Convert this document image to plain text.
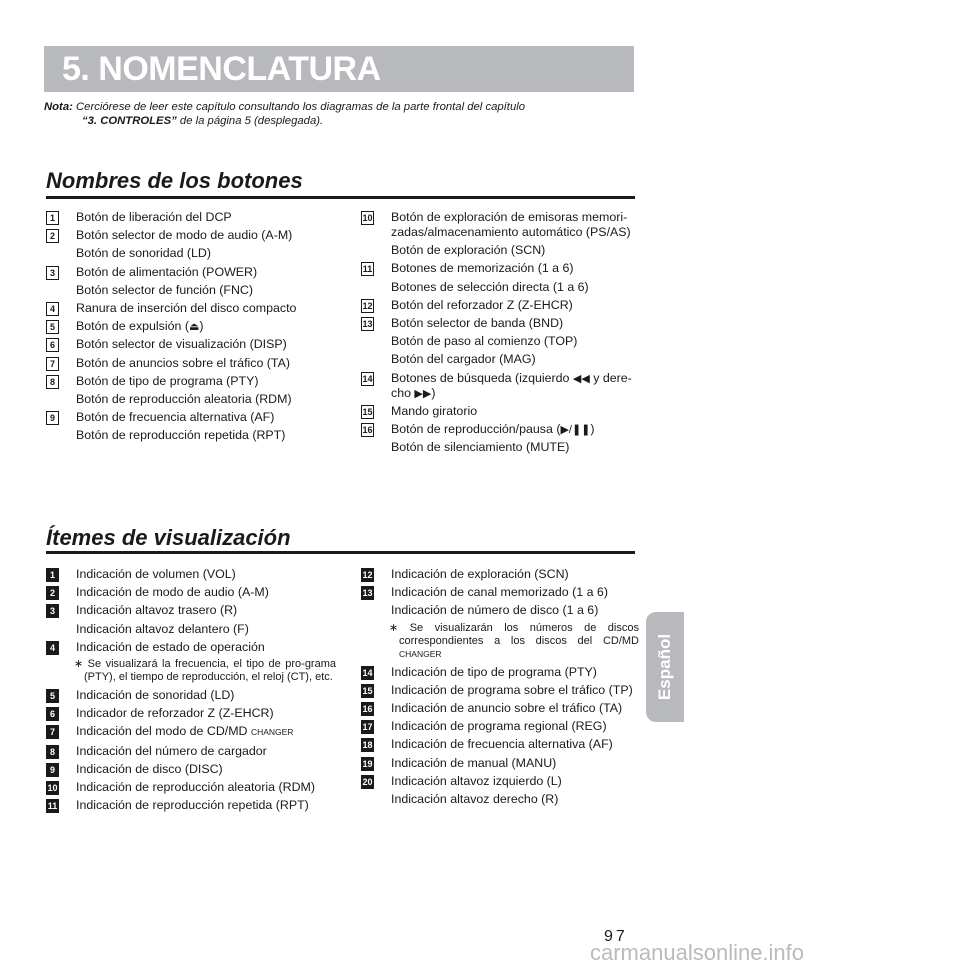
5. NOMENCLATURA
Nota: Cerciórese de leer este capítulo consultando los diagramas de la parte frontal del capítulo
“3. CONTROLES” de la página 5 (desplegada).
Nombres de los botones
1	Botón de liberación del DCP
2	Botón selector de modo de audio (A-M)
Botón de sonoridad (LD)
3	Botón de alimentación (POWER)
Botón selector de función (FNC)
4	Ranura de inserción del disco compacto
5	Botón de expulsión (⏏)
6	Botón selector de visualización (DISP)
7	Botón de anuncios sobre el tráfico (TA)
8	Botón de tipo de programa (PTY)
Botón de reproducción aleatoria (RDM)
9	Botón de frecuencia alternativa (AF)
Botón de reproducción repetida (RPT)
10 Botón de exploración de emisoras memori-
zadas/almacenamiento automático (PS/AS)
Botón de exploración (SCN)
11 Botones de memorización (1 a 6)
Botones de selección directa (1 a 6)
12 Botón del reforzador Z (Z-EHCR)
13 Botón selector de banda (BND)
Botón de paso al comienzo (TOP)
Botón del cargador (MAG)
14 Botones de búsqueda (izquierdo ◀◀ y dere-
cho ▶▶)
15 Mando giratorio
16 Botón de reproducción/pausa (▶/❚❚)
Botón de silenciamiento (MUTE)
Ítemes de visualización
1	Indicación de volumen (VOL)
2	Indicación de modo de audio (A-M)
3	Indicación altavoz trasero (R)
Indicación altavoz delantero (F)
4	Indicación de estado de operación
∗ Se visualizará la frecuencia, el tipo de pro-grama (PTY), el tiempo de reproducción, el reloj (CT), etc.
5	Indicación de sonoridad (LD)
6	Indicador de reforzador Z (Z-EHCR)
7	Indicación del modo de CD/MD CHANGER
8	Indicación del número de cargador
9	Indicación de disco (DISC)
10 Indicación de reproducción aleatoria (RDM)
11 Indicación de reproducción repetida (RPT)
12 Indicación de exploración (SCN)
13 Indicación de canal memorizado (1 a 6)
Indicación de número de disco (1 a 6)
∗ Se visualizarán los números de discos correspondientes a los discos del CD/MD CHANGER
14 Indicación de tipo de programa (PTY)
15 Indicación de programa sobre el tráfico (TP)
16 Indicación de anuncio sobre el tráfico (TA)
17 Indicación de programa regional (REG)
18 Indicación de frecuencia alternativa (AF)
19 Indicación de manual (MANU)
20 Indicación altavoz izquierdo (L)
Indicación altavoz derecho (R)
Español
97
carmanualsonline.info
